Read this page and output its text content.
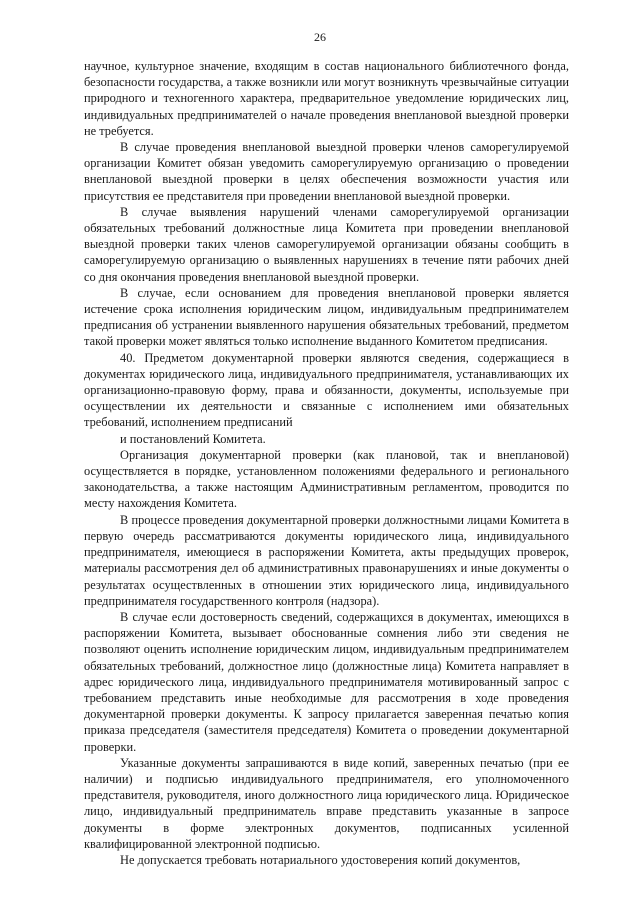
26

научное, культурное значение, входящим в состав национального библиотечного фонда, безопасности государства, а также возникли или могут возникнуть чрезвычайные ситуации природного и техногенного характера, предварительное уведомление юридических лиц, индивидуальных предпринимателей о начале проведения внеплановой выездной проверки не требуется.

В случае проведения внеплановой выездной проверки членов саморегулируемой организации Комитет обязан уведомить саморегулируемую организацию о проведении внеплановой выездной проверки в целях обеспечения возможности участия или присутствия ее представителя при проведении внеплановой выездной проверки.

В случае выявления нарушений членами саморегулируемой организации обязательных требований должностные лица Комитета при проведении внеплановой выездной проверки таких членов саморегулируемой организации обязаны сообщить в саморегулируемую организацию о выявленных нарушениях в течение пяти рабочих дней со дня окончания проведения внеплановой выездной проверки.

В случае, если основанием для проведения внеплановой проверки является истечение срока исполнения юридическим лицом, индивидуальным предпринимателем предписания об устранении выявленного нарушения обязательных требований, предметом такой проверки может являться только исполнение выданного Комитетом предписания.

40. Предметом документарной проверки являются сведения, содержащиеся в документах юридического лица, индивидуального предпринимателя, устанавливающих их организационно-правовую форму, права и обязанности, документы, используемые при осуществлении их деятельности и связанные с исполнением ими обязательных требований, исполнением предписаний

и постановлений Комитета.

Организация документарной проверки (как плановой, так и внеплановой) осуществляется в порядке, установленном положениями федерального и регионального законодательства, а также настоящим Административным регламентом, проводится по месту нахождения Комитета.

В процессе проведения документарной проверки должностными лицами Комитета в первую очередь рассматриваются документы юридического лица, индивидуального предпринимателя, имеющиеся в распоряжении Комитета, акты предыдущих проверок, материалы рассмотрения дел об административных правонарушениях и иные документы о результатах осуществленных в отношении этих юридического лица, индивидуального предпринимателя государственного контроля (надзора).

В случае если достоверность сведений, содержащихся в документах, имеющихся в распоряжении Комитета, вызывает обоснованные сомнения либо эти сведения не позволяют оценить исполнение юридическим лицом, индивидуальным предпринимателем обязательных требований, должностное лицо (должностные лица) Комитета направляет в адрес юридического лица, индивидуального предпринимателя мотивированный запрос с требованием представить иные необходимые для рассмотрения в ходе проведения документарной проверки документы. К запросу прилагается заверенная печатью копия приказа председателя (заместителя председателя) Комитета о проведении документарной проверки.

Указанные документы запрашиваются в виде копий, заверенных печатью (при ее наличии) и подписью индивидуального предпринимателя, его уполномоченного представителя, руководителя, иного должностного лица юридического лица. Юридическое лицо, индивидуальный предприниматель вправе представить указанные в запросе документы в форме электронных документов, подписанных усиленной квалифицированной электронной подписью.

Не допускается требовать нотариального удостоверения копий документов,
